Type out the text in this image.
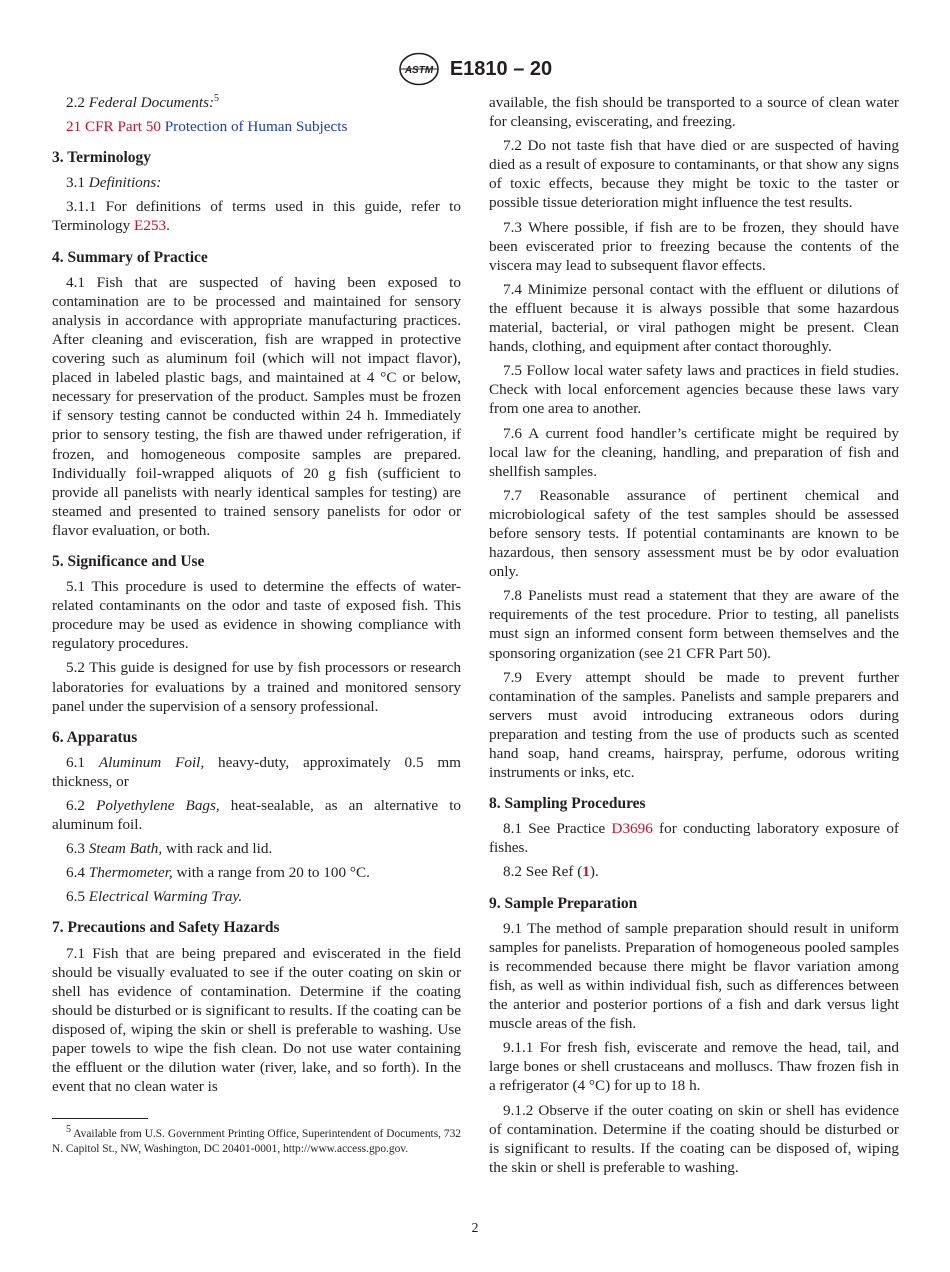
ASTM E1810 – 20

2.2 Federal Documents:$^5$

21 CFR Part 50 Protection of Human Subjects

3. Terminology

3.1 Definitions:

3.1.1 For definitions of terms used in this guide, refer to Terminology E253.

4. Summary of Practice

4.1 Fish that are suspected of having been exposed to contamination are to be processed and maintained for sensory analysis in accordance with appropriate manufacturing practices. After cleaning and evisceration, fish are wrapped in protective covering such as aluminum foil (which will not impact flavor), placed in labeled plastic bags, and maintained at 4 °C or below, necessary for preservation of the product. Samples must be frozen if sensory testing cannot be conducted within 24 h. Immediately prior to sensory testing, the fish are thawed under refrigeration, if frozen, and homogeneous composite samples are prepared. Individually foil-wrapped aliquots of 20 g fish (sufficient to provide all panelists with nearly identical samples for testing) are steamed and presented to trained sensory panelists for odor or flavor evaluation, or both.

5. Significance and Use

5.1 This procedure is used to determine the effects of water-related contaminants on the odor and taste of exposed fish. This procedure may be used as evidence in showing compliance with regulatory procedures.

5.2 This guide is designed for use by fish processors or research laboratories for evaluations by a trained and monitored sensory panel under the supervision of a sensory professional.

6. Apparatus

6.1 Aluminum Foil, heavy-duty, approximately 0.5 mm thickness, or

6.2 Polyethylene Bags, heat-sealable, as an alternative to aluminum foil.

6.3 Steam Bath, with rack and lid.

6.4 Thermometer, with a range from 20 to 100 °C.

6.5 Electrical Warming Tray.

7. Precautions and Safety Hazards

7.1 Fish that are being prepared and eviscerated in the field should be visually evaluated to see if the outer coating on skin or shell has evidence of contamination. Determine if the coating should be disturbed or is significant to results. If the coating can be disposed of, wiping the skin or shell is preferable to washing. Use paper towels to wipe the fish clean. Do not use water containing the effluent or the dilution water (river, lake, and so forth). In the event that no clean water is

$^5$ Available from U.S. Government Printing Office, Superintendent of Documents, 732 N. Capitol St., NW, Washington, DC 20401-0001, http://www.access.gpo.gov.

available, the fish should be transported to a source of clean water for cleansing, eviscerating, and freezing.

7.2 Do not taste fish that have died or are suspected of having died as a result of exposure to contaminants, or that show any signs of toxic effects, because they might be toxic to the taster or possible tissue deterioration might influence the test results.

7.3 Where possible, if fish are to be frozen, they should have been eviscerated prior to freezing because the contents of the viscera may lead to subsequent flavor effects.

7.4 Minimize personal contact with the effluent or dilutions of the effluent because it is always possible that some hazardous material, bacterial, or viral pathogen might be present. Clean hands, clothing, and equipment after contact thoroughly.

7.5 Follow local water safety laws and practices in field studies. Check with local enforcement agencies because these laws vary from one area to another.

7.6 A current food handler’s certificate might be required by local law for the cleaning, handling, and preparation of fish and shellfish samples.

7.7 Reasonable assurance of pertinent chemical and microbiological safety of the test samples should be assessed before sensory tests. If potential contaminants are known to be hazardous, then sensory assessment must be by odor evaluation only.

7.8 Panelists must read a statement that they are aware of the requirements of the test procedure. Prior to testing, all panelists must sign an informed consent form between themselves and the sponsoring organization (see 21 CFR Part 50).

7.9 Every attempt should be made to prevent further contamination of the samples. Panelists and sample preparers and servers must avoid introducing extraneous odors during preparation and testing from the use of products such as scented hand soap, hand creams, hairspray, perfume, odorous writing instruments or inks, etc.

8. Sampling Procedures

8.1 See Practice D3696 for conducting laboratory exposure of fishes.

8.2 See Ref (1).

9. Sample Preparation

9.1 The method of sample preparation should result in uniform samples for panelists. Preparation of homogeneous pooled samples is recommended because there might be flavor variation among fish, as well as within individual fish, such as differences between the anterior and posterior portions of a fish and dark versus light muscle areas of the fish.

9.1.1 For fresh fish, eviscerate and remove the head, tail, and large bones or shell crustaceans and molluscs. Thaw frozen fish in a refrigerator (4 °C) for up to 18 h.

9.1.2 Observe if the outer coating on skin or shell has evidence of contamination. Determine if the coating should be disturbed or is significant to results. If the coating can be disposed of, wiping the skin or shell is preferable to washing.

2
